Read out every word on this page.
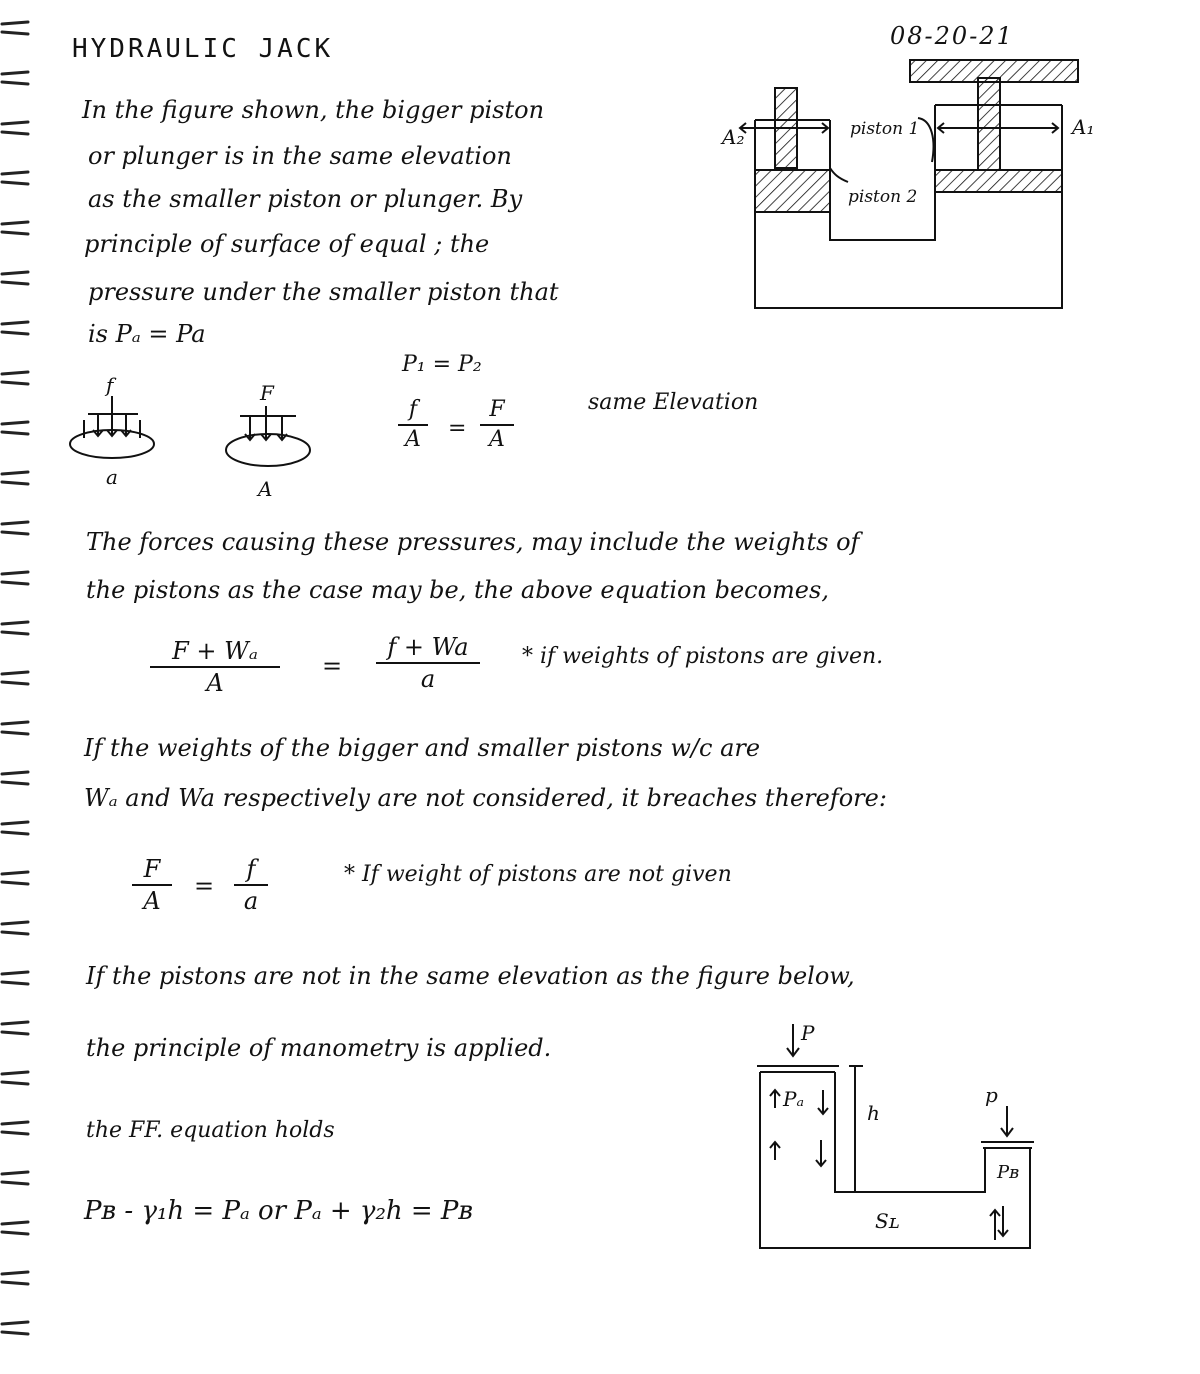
HYDRAULIC JACK	08-20-21
In the figure shown, the bigger piston
or plunger is in the same elevation
as the smaller piston or plunger. By
principle of surface of equal ; the
pressure under the smaller piston that
is Pₐ = Pa
A₂	A₁
piston 1
piston 2
f
a
F
A
P₁ = P₂
f
A	=
F
A
same Elevation
The forces causing these pressures, may include the weights of
the pistons as the case may be, the above equation becomes,
F + Wₐ
A
=
f + Wa
a
* if weights of pistons are given.
If the weights of the bigger and smaller pistons w/c are
Wₐ and Wa respectively are not considered, it breaches therefore:
F
A
=
f
a
* If weight of pistons are not given
If the pistons are not in the same elevation as the figure below,
the principle of manometry is applied.
the FF. equation holds
Pʙ - γ₁h = Pₐ or Pₐ + γ₂h = Pʙ
P
Pₐ
h
p
Pʙ
Sʟ
